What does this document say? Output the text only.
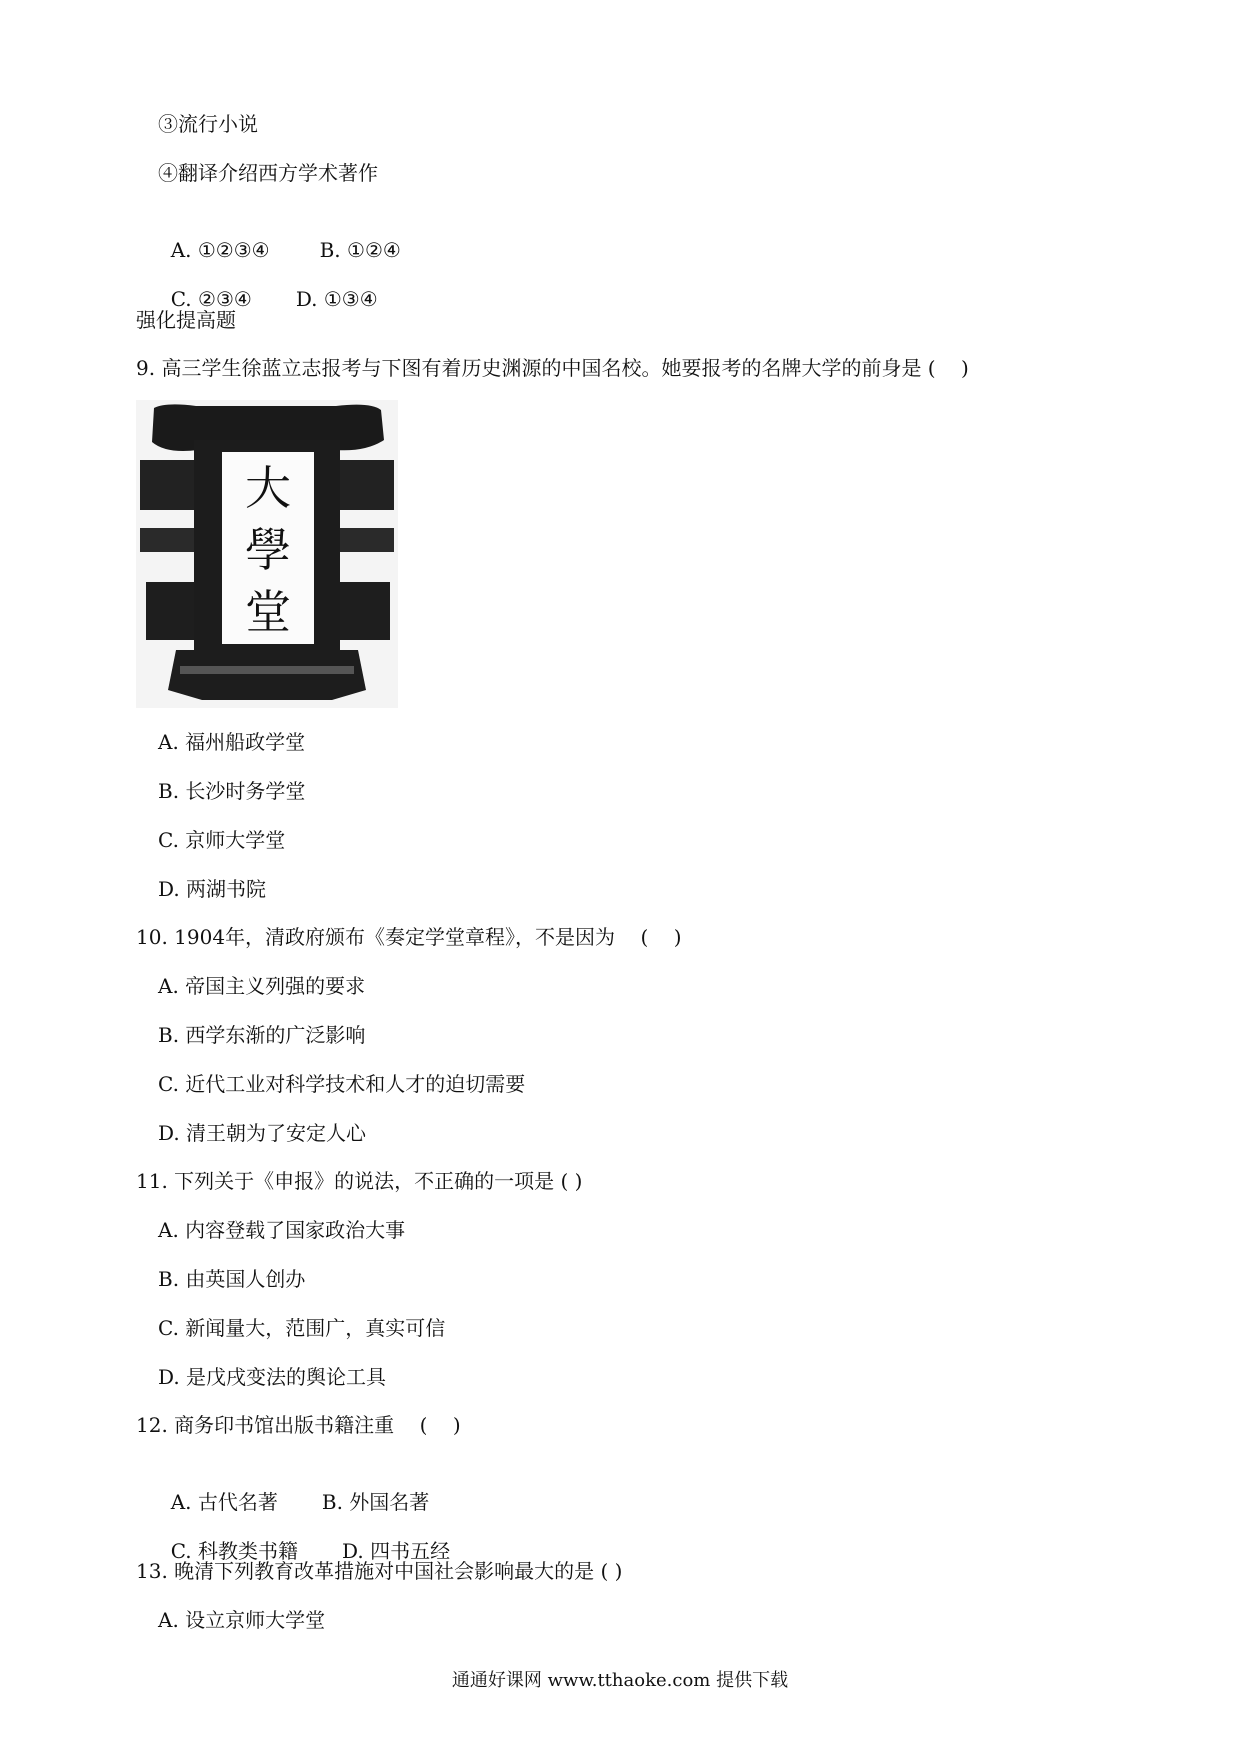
③流行小说
④翻译介绍西方学术著作

A. ①②③④	B. ①②④

C. ②③④ D. ①③④

强化提高题
9. 高三学生徐蓝立志报考与下图有着历史渊源的中国名校。她要报考的名牌大学的前身是 (    )
大
學
堂
A. 福州船政学堂
B. 长沙时务学堂
C. 京师大学堂
D. 两湖书院
10. 1904年，清政府颁布《奏定学堂章程》，不是因为    (    )
A. 帝国主义列强的要求
B. 西学东渐的广泛影响
C. 近代工业对科学技术和人才的迫切需要
D. 清王朝为了安定人心
11. 下列关于《申报》的说法，不正确的一项是 ( )
A. 内容登载了国家政治大事
B. 由英国人创办
C. 新闻量大，范围广，真实可信
D. 是戊戌变法的舆论工具
12. 商务印书馆出版书籍注重    (    )

A. 古代名著 B. 外国名著

C. 科教类书籍 D. 四书五经

13. 晚清下列教育改革措施对中国社会影响最大的是 ( )
A. 设立京师大学堂
通通好课网 www.tthaoke.com 提供下载
